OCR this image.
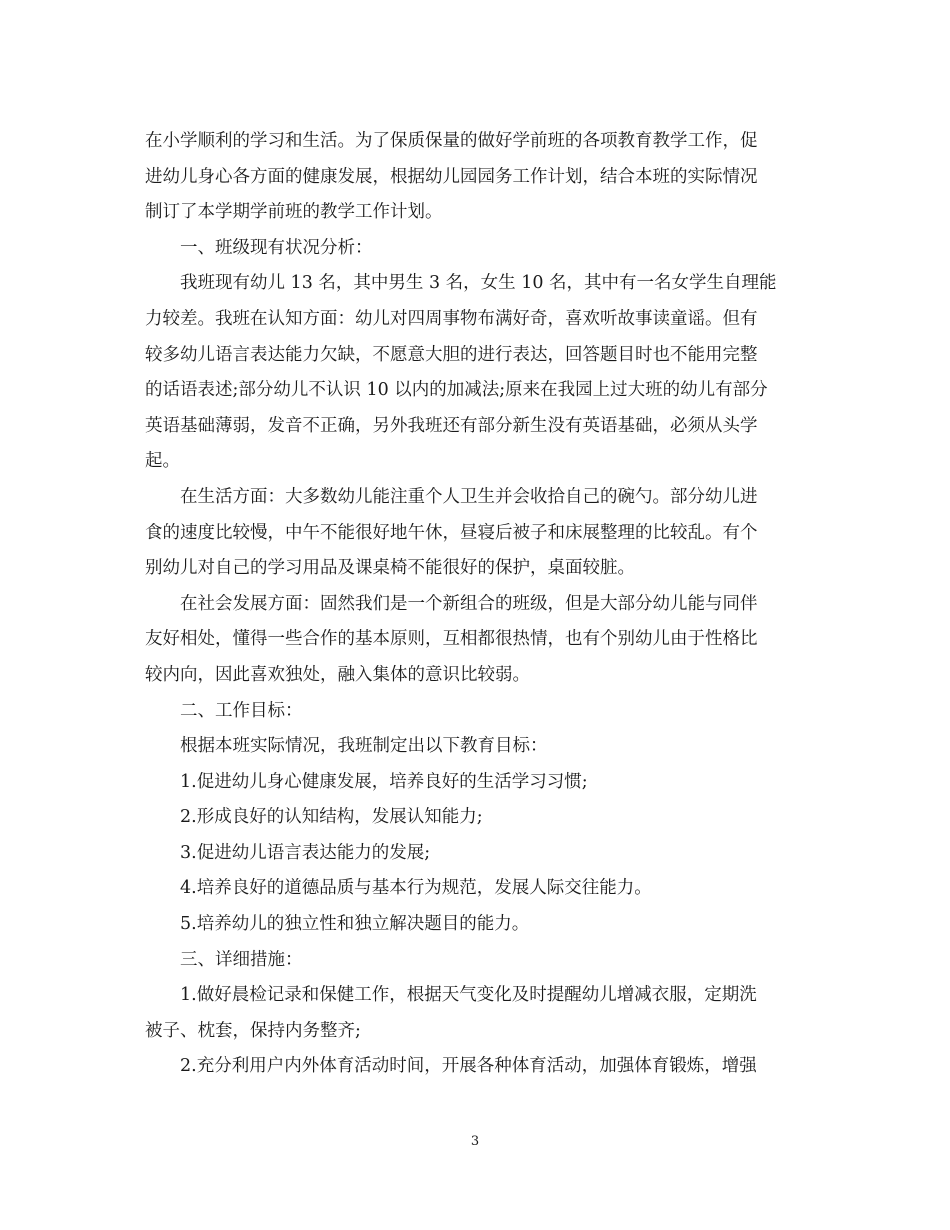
在小学顺利的学习和生活。为了保质保量的做好学前班的各项教育教学工作，促
进幼儿身心各方面的健康发展，根据幼儿园园务工作计划，结合本班的实际情况
制订了本学期学前班的教学工作计划。
一、班级现有状况分析：
我班现有幼儿 13 名，其中男生 3 名，女生 10 名，其中有一名女学生自理能
力较差。我班在认知方面：幼儿对四周事物布满好奇，喜欢听故事读童谣。但有
较多幼儿语言表达能力欠缺，不愿意大胆的进行表达，回答题目时也不能用完整
的话语表述;部分幼儿不认识 10 以内的加减法;原来在我园上过大班的幼儿有部分
英语基础薄弱，发音不正确，另外我班还有部分新生没有英语基础，必须从头学
起。
在生活方面：大多数幼儿能注重个人卫生并会收拾自己的碗勺。部分幼儿进
食的速度比较慢，中午不能很好地午休，昼寝后被子和床展整理的比较乱。有个
别幼儿对自己的学习用品及课桌椅不能很好的保护，桌面较脏。
在社会发展方面：固然我们是一个新组合的班级，但是大部分幼儿能与同伴
友好相处，懂得一些合作的基本原则，互相都很热情，也有个别幼儿由于性格比
较内向，因此喜欢独处，融入集体的意识比较弱。
二、工作目标：
根据本班实际情况，我班制定出以下教育目标：
1.促进幼儿身心健康发展，培养良好的生活学习习惯;
2.形成良好的认知结构，发展认知能力;
3.促进幼儿语言表达能力的发展;
4.培养良好的道德品质与基本行为规范，发展人际交往能力。
5.培养幼儿的独立性和独立解决题目的能力。
三、详细措施：
1.做好晨检记录和保健工作，根据天气变化及时提醒幼儿增减衣服，定期洗
被子、枕套，保持内务整齐;
2.充分利用户内外体育活动时间，开展各种体育活动，加强体育锻炼，增强
3
